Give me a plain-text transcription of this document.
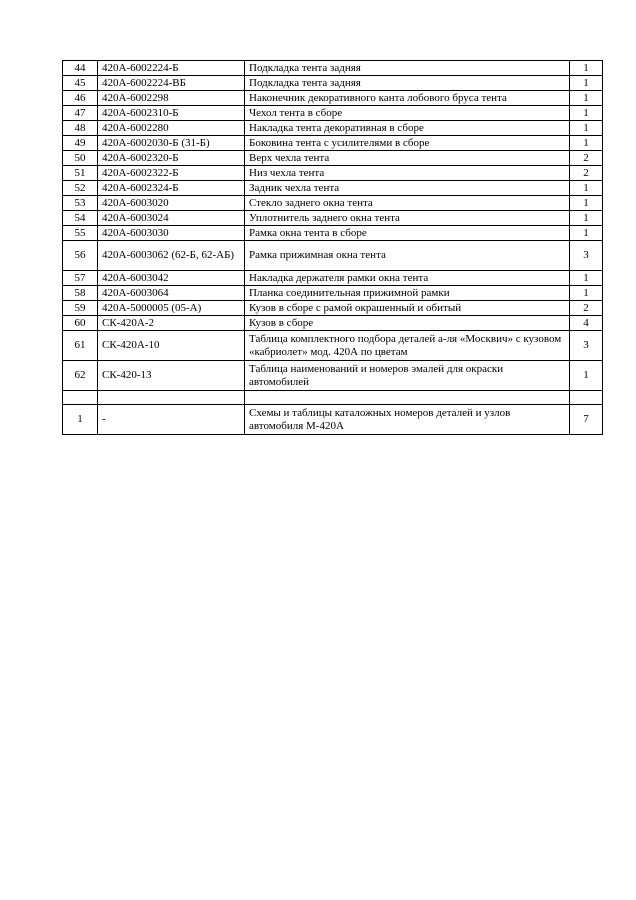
44	420А-6002224-Б	Подкладка тента задняя	1
45	420А-6002224-ВБ	Подкладка тента задняя	1
46	420А-6002298	Наконечник декоративного канта лобового бруса тента	1
47	420А-6002310-Б	Чехол тента в сборе	1
48	420А-6002280	Накладка тента декоративная в сборе	1
49	420А-6002030-Б (31-Б)	Боковина тента с усилителями в сборе	1
50	420А-6002320-Б	Верх чехла тента	2
51	420А-6002322-Б	Низ чехла тента	2
52	420А-6002324-Б	Задник чехла тента	1
53	420А-6003020	Стекло заднего окна тента	1
54	420А-6003024	Уплотнитель заднего окна тента	1
55	420А-6003030	Рамка окна тента в сборе	1
56	420А-6003062 (62-Б, 62-АБ)	Рамка прижимная окна тента	3
57	420А-6003042	Накладка держателя рамки окна тента	1
58	420А-6003064	Планка соединительная прижимной рамки	1
59	420А-5000005 (05-А)	Кузов в сборе с рамой окрашенный и обитый	2
60	СК-420А-2	Кузов в сборе	4
61	СК-420А-10	Таблица комплектного подбора деталей а-ля «Москвич» с кузовом «кабриолет» мод. 420А по цветам	3
62	СК-420-13	Таблица наименований и номеров эмалей для окраски автомобилей	1

1	-	Схемы и таблицы каталожных номеров деталей и узлов автомобиля М-420А	7
